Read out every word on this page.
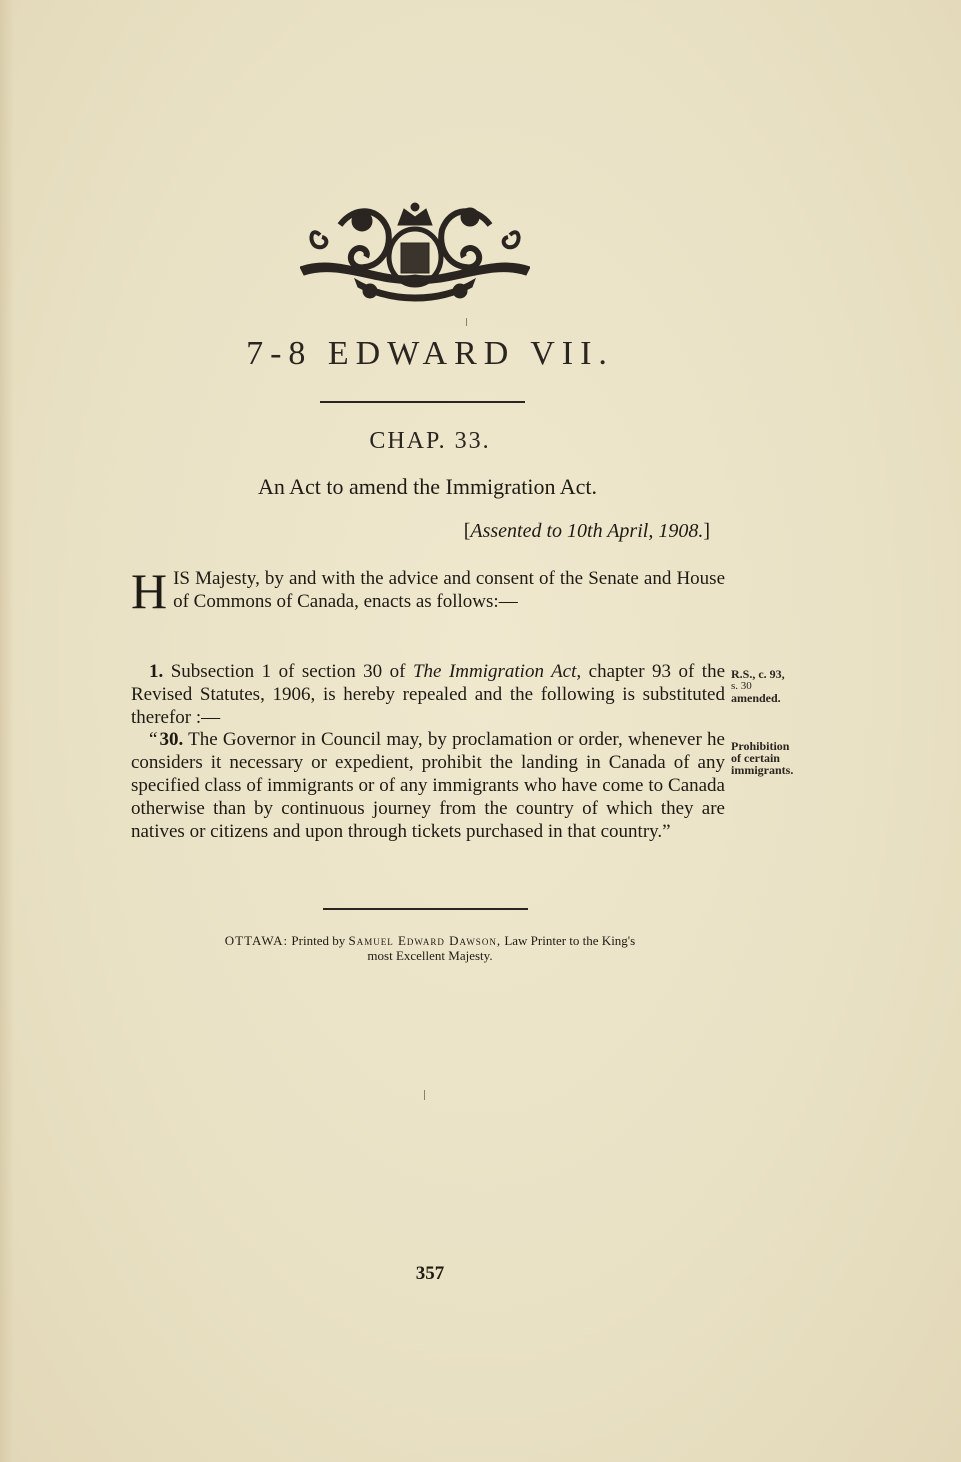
7-8 EDWARD VII.
CHAP. 33.
An Act to amend the Immigration Act.
[Assented to 10th April, 1908.]
HIS Majesty, by and with the advice and consent of the Senate and House of Commons of Canada, enacts as follows:—
1. Subsection 1 of section 30 of The Immigration Act, chapter 93 of the Revised Statutes, 1906, is hereby repealed and the following is substituted therefor :—
R.S., c. 93,
s. 30
amended.
“ 30. The Governor in Council may, by proclamation or order, whenever he considers it necessary or expedient, prohibit the landing in Canada of any specified class of immigrants or of any immigrants who have come to Canada otherwise than by continuous journey from the country of which they are natives or citizens and upon through tickets purchased in that country.”
Prohibition
of certain
immigrants.
OTTAWA: Printed by Samuel Edward Dawson, Law Printer to the King's
most Excellent Majesty.
357
